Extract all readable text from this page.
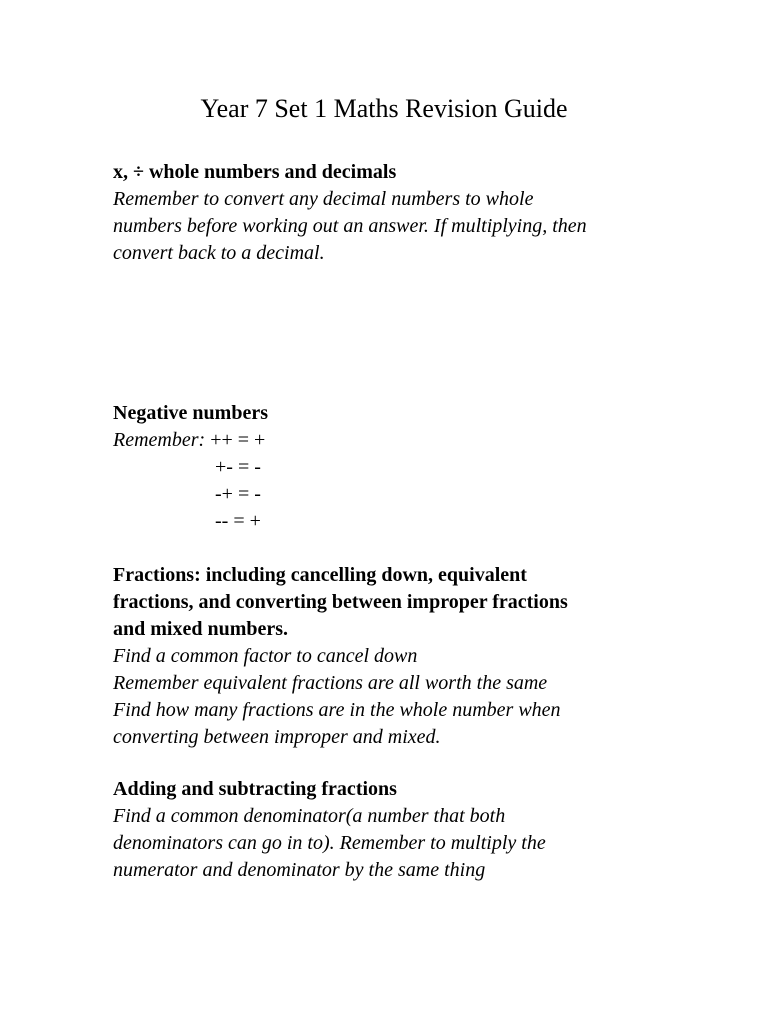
Year 7 Set 1 Maths Revision Guide
x, ÷ whole numbers and decimals
Remember to convert any decimal numbers to whole
numbers before working out an answer. If multiplying, then
convert back to a decimal.
Negative numbers
Remember: ++ = +
+- = -
-+ = -
-- = +
Fractions: including cancelling down, equivalent
fractions, and converting between improper fractions
and mixed numbers.
Find a common factor to cancel down
Remember equivalent fractions are all worth the same
Find how many fractions are in the whole number when
converting between improper and mixed.
Adding and subtracting fractions
Find a common denominator(a number that both
denominators can go in to). Remember to multiply the
numerator and denominator by the same thing
